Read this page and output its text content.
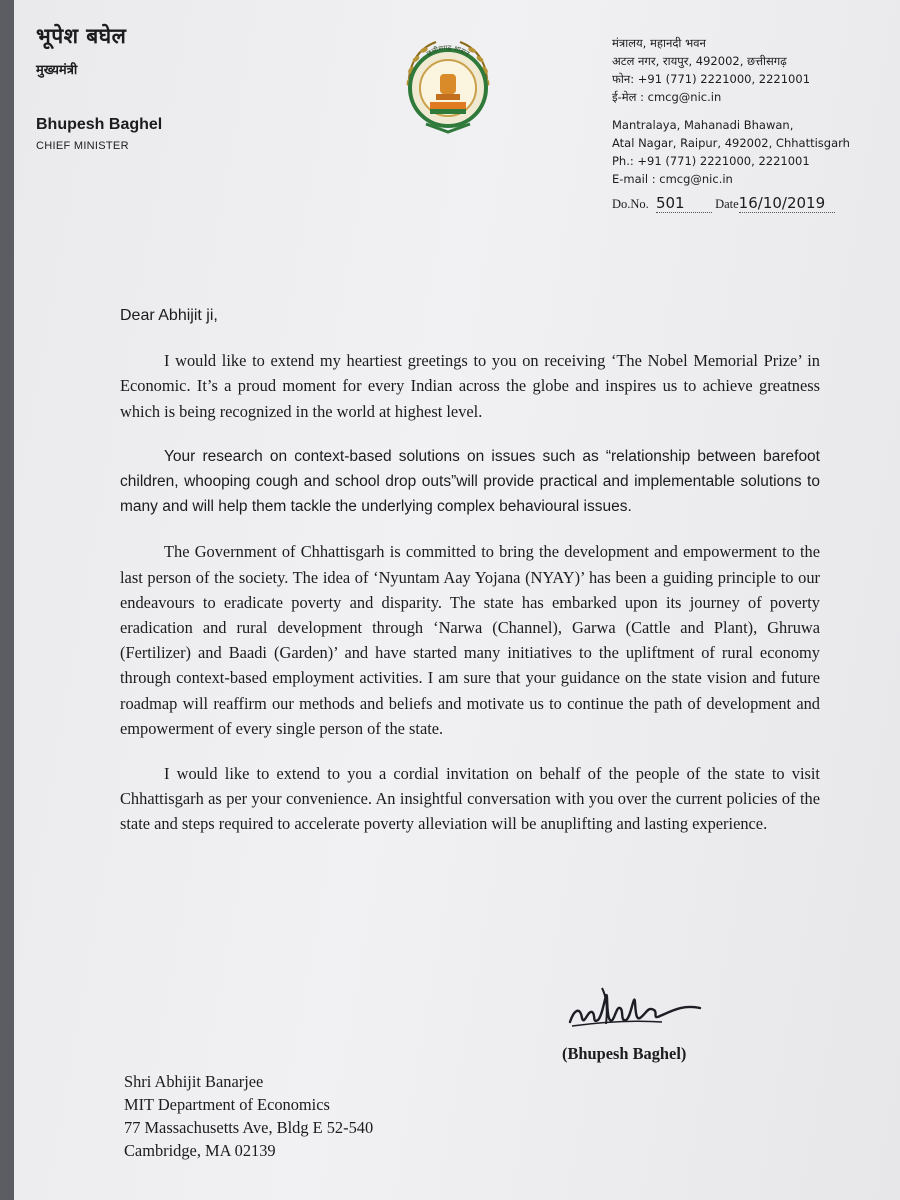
भूपेश बघेल

मुख्यमंत्री

Bhupesh Baghel

CHIEF MINISTER

छत्तीसगढ़ शासन
मंत्रालय, महानदी भवन
अटल नगर, रायपुर, 492002, छत्तीसगढ़
फोन: +91 (771) 2221000, 2221001
ई-मेल : cmcg@nic.in
Mantralaya, Mahanadi Bhawan,
Atal Nagar, Raipur, 492002, Chhattisgarh
Ph.: +91 (771) 2221000, 2221001
E-mail : cmcg@nic.in
Do.No. 501 Date16/10/2019

Dear Abhijit ji,

I would like to extend my heartiest greetings to you on receiving ‘The Nobel Memorial Prize’ in Economic. It’s a proud moment for every Indian across the globe and inspires us to achieve greatness which is being recognized in the world at highest level.

Your research on context-based solutions on issues such as “relationship between barefoot children, whooping cough and school drop outs”will provide practical and implementable solutions to many and will help them tackle the underlying complex behavioural issues.

The Government of Chhattisgarh is committed to bring the development and empowerment to the last person of the society. The idea of ‘Nyuntam Aay Yojana (NYAY)’ has been a guiding principle to our endeavours to eradicate poverty and disparity. The state has embarked upon its journey of poverty eradication and rural development through ‘Narwa (Channel), Garwa (Cattle and Plant), Ghruwa (Fertilizer) and Baadi (Garden)’ and have started many initiatives to the upliftment of rural economy through context-based employment activities. I am sure that your guidance on the state vision and future roadmap will reaffirm our methods and beliefs and motivate us to continue the path of development and empowerment of every single person of the state.

I would like to extend to you a cordial invitation on behalf of the people of the state to visit Chhattisgarh as per your convenience. An insightful conversation with you over the current policies of the state and steps required to accelerate poverty alleviation will be anuplifting and lasting experience.

(Bhupesh Baghel)

Shri Abhijit Banarjee

MIT Department of Economics

77 Massachusetts Ave, Bldg E 52-540

Cambridge, MA 02139
